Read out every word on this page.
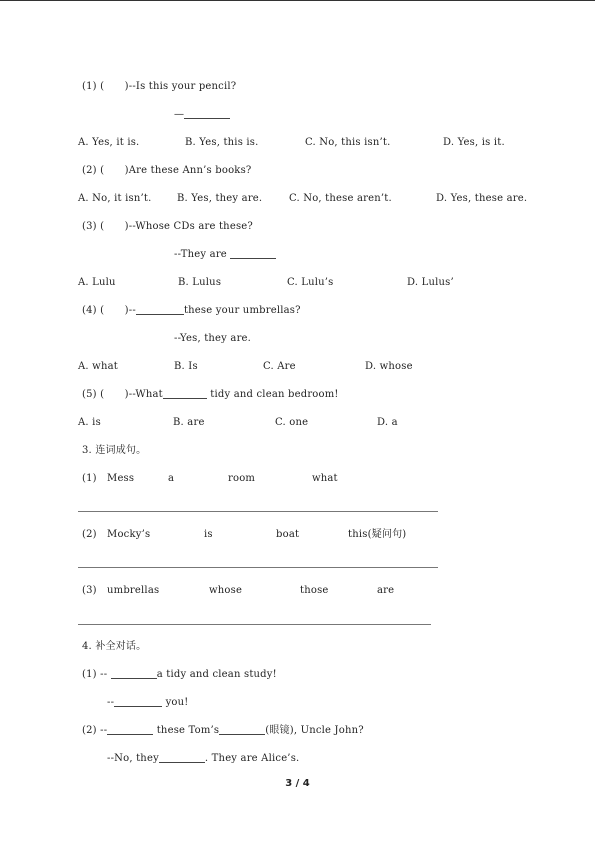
(1) (　　)--Is this your pencil?
—
A. Yes, it is.	B. Yes, this is.	C. No, this isn’t.	D. Yes, is it.
(2) (　　)Are these Ann’s books?
A. No, it isn’t.	B. Yes, they are.	C. No, these aren’t.	D. Yes, these are.
(3) (　　)--Whose CDs are these?
--They are
A. Lulu	B. Lulus	C. Lulu’s	D. Lulus’
(4) (　　)--	these your umbrellas?
--Yes, they are.
A. what	B. Is	C. Are	D. whose
(5) (　　)--What	tidy and clean bedroom!
A. is	B. are	C. one	D. a
3. 连词成句。
(1) Mess	a	room	what
(2) Mocky’s	is	boat	this(疑问句)
(3) umbrellas	whose	those	are
4. 补全对话。
(1) --	a tidy and clean study!
--	you!
(2) --	these Tom’s	(眼镜), Uncle John?
--No, they	. They are Alice’s.
3 / 4
